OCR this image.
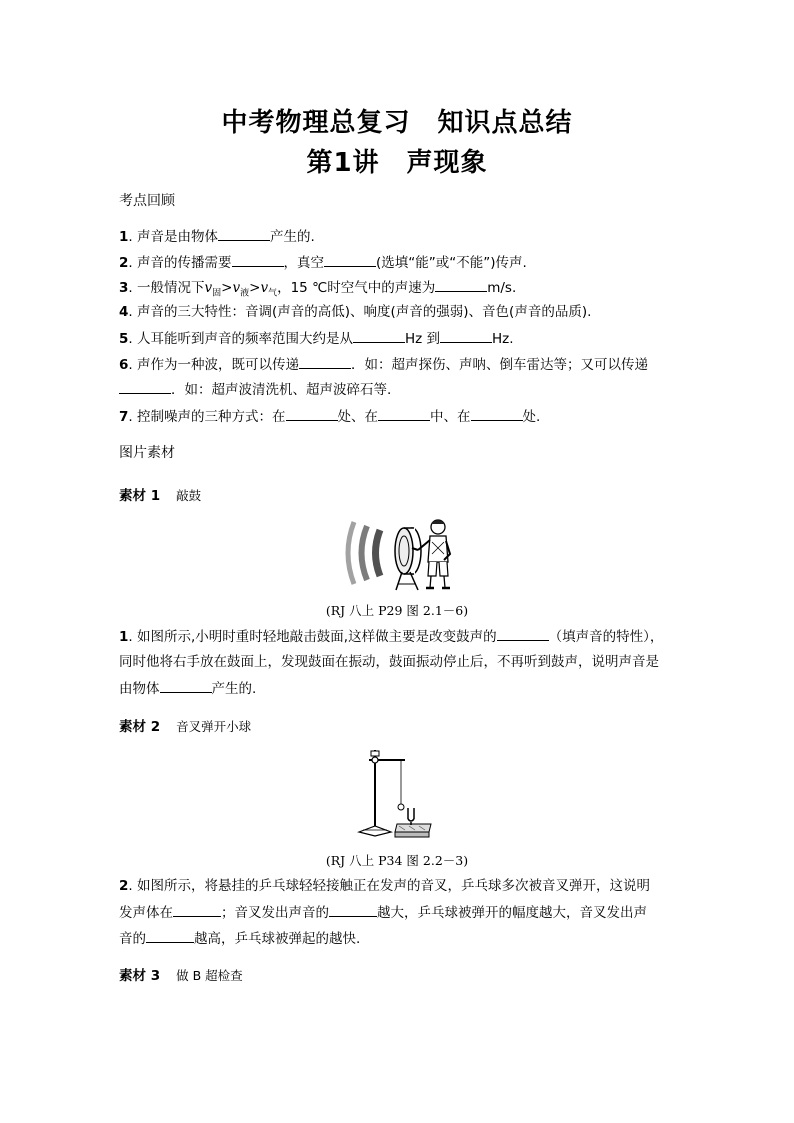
中考物理总复习　知识点总结
第1讲　声现象
考点回顾
1. 声音是由物体	产生的.
2. 声音的传播需要	，真空	(选填“能”或“不能”)传声.
3. 一般情况下$v_固>v_液>v_气$，15 ℃时空气中的声速为	m/s.
4. 声音的三大特性：音调(声音的高低)、响度(声音的强弱)、音色(声音的品质).
5. 人耳能听到声音的频率范围大约是从	Hz 到	Hz.
6. 声作为一种波，既可以传递	．如：超声探伤、声呐、倒车雷达等；又可以传递
．如：超声波清洗机、超声波碎石等.
7. 控制噪声的三种方式：在	处、在	中、在	处.
图片素材
素材 1 敲鼓
(RJ 八上 P29 图 2.1－6)
1. 如图所示,小明时重时轻地敲击鼓面,这样做主要是改变鼓声的	（填声音的特性），
同时他将右手放在鼓面上，发现鼓面在振动，鼓面振动停止后，不再听到鼓声，说明声音是
由物体	产生的.
素材 2 音叉弹开小球
(RJ 八上 P34 图 2.2－3)
2. 如图所示，将悬挂的乒乓球轻轻接触正在发声的音叉，乒乓球多次被音叉弹开，这说明
发声体在	；音叉发出声音的	越大，乒乓球被弹开的幅度越大，音叉发出声
音的	越高，乒乓球被弹起的越快.
素材 3 做 B 超检查
